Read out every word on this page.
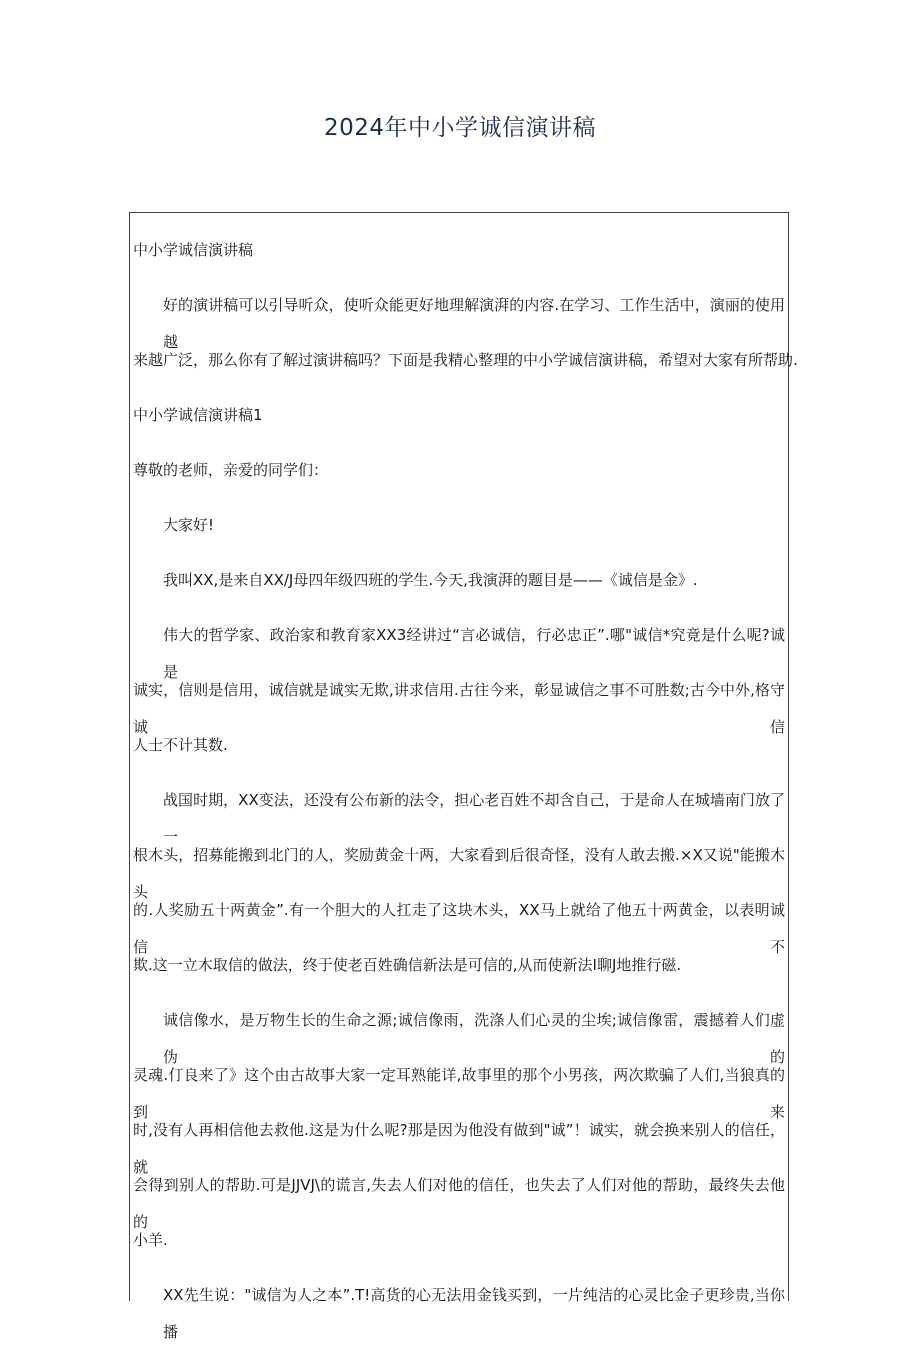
2024年中小学诚信演讲稿
中小学诚信演讲稿
好的演讲稿可以引导听众，使听众能更好地理解演湃的内容.在学习、工作生活中，演丽的使用越
来越广泛，那么你有了解过演讲稿吗？下面是我精心整理的中小学诚信演讲稿，希望对大家有所帮助.
中小学诚信演讲稿1
尊敬的老师，亲爱的同学们：
大家好!
我叫XX,是来自XX/J母四年级四班的学生.今天,我演湃的题目是——《诚信是金》.
伟大的哲学家、政治家和教育家XX3经讲过“言必诚信，行必忠正”.哪"诚信*究竟是什么呢?诚是
诚实，信则是信用，诚信就是诚实无欺,讲求信用.古往今来，彰显诚信之事不可胜数;古今中外,格守诚信
人士不计其数.
战国时期，XX变法，还没有公布新的法令，担心老百姓不却含自己，于是命人在城墙南门放了一
根木头，招募能搬到北门的人，奖励黄金十两，大家看到后很奇怪，没有人敢去搬.×X又说"能搬木头
的.人奖励五十两黄金”.有一个胆大的人扛走了这块木头，XX马上就给了他五十两黄金，以表明诚信不
欺.这一立木取信的做法，终于使老百姓确信新法是可信的,从而使新法I聊J地推行磁.
诚信像水，是万物生长的生命之源;诚信像雨，洗涤人们心灵的尘埃;诚信像雷，震撼着人们虚伪的
灵魂.仃良来了》这个由古故事大家一定耳熟能详,故事里的那个小男孩，两次欺骗了人们,当狼真的到来
时,没有人再相信他去救他.这是为什么呢?那是因为他没有做到"诚”！诚实，就会换来别人的信任，就
会得到别人的帮助.可是JJVJ\的谎言,失去人们对他的信任，也失去了人们对他的帮助，最终失去他的
小羊.
XX先生说："诚信为人之本”.T!高货的心无法用金钱买到，一片纯洁的心灵比金子更珍贵,当你播
